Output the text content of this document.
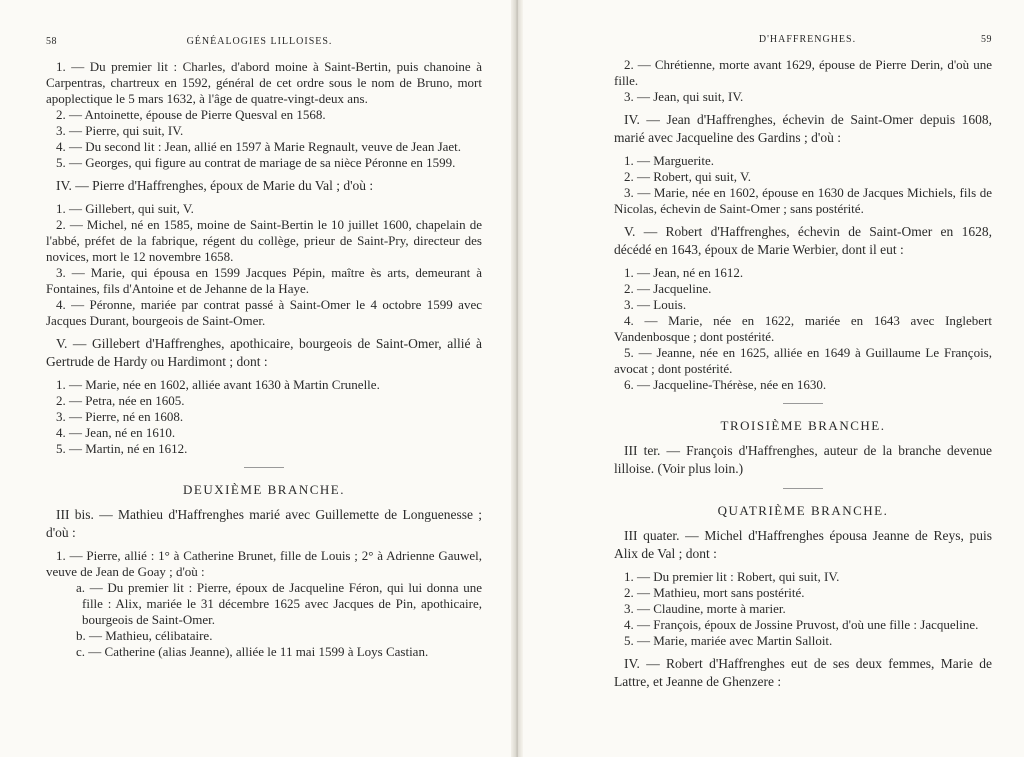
58	GÉNÉALOGIES LILLOISES.

1. — Du premier lit : Charles, d'abord moine à Saint-Bertin, puis chanoine à Carpentras, chartreux en 1592, général de cet ordre sous le nom de Bruno, mort apoplectique le 5 mars 1632, à l'âge de quatre-vingt-deux ans.

2. — Antoinette, épouse de Pierre Quesval en 1568.

3. — Pierre, qui suit, IV.

4. — Du second lit : Jean, allié en 1597 à Marie Regnault, veuve de Jean Jaet.

5. — Georges, qui figure au contrat de mariage de sa nièce Péronne en 1599.

IV. — Pierre d'Haffrenghes, époux de Marie du Val ; d'où :

1. — Gillebert, qui suit, V.

2. — Michel, né en 1585, moine de Saint-Bertin le 10 juillet 1600, chapelain de l'abbé, préfet de la fabrique, régent du collège, prieur de Saint-Pry, directeur des novices, mort le 12 novembre 1658.

3. — Marie, qui épousa en 1599 Jacques Pépin, maître ès arts, demeurant à Fontaines, fils d'Antoine et de Jehanne de la Haye.

4. — Péronne, mariée par contrat passé à Saint-Omer le 4 octobre 1599 avec Jacques Durant, bourgeois de Saint-Omer.

V. — Gillebert d'Haffrenghes, apothicaire, bourgeois de Saint-Omer, allié à Gertrude de Hardy ou Hardimont ; dont :

1. — Marie, née en 1602, alliée avant 1630 à Martin Crunelle.

2. — Petra, née en 1605.

3. — Pierre, né en 1608.

4. — Jean, né en 1610.

5. — Martin, né en 1612.

DEUXIÈME BRANCHE.

III bis. — Mathieu d'Haffrenghes marié avec Guillemette de Longuenesse ; d'où :

1. — Pierre, allié : 1° à Catherine Brunet, fille de Louis ; 2° à Adrienne Gauwel, veuve de Jean de Goay ; d'où :

a. — Du premier lit : Pierre, époux de Jacqueline Féron, qui lui donna une fille : Alix, mariée le 31 décembre 1625 avec Jacques de Pin, apothicaire, bourgeois de Saint-Omer.

b. — Mathieu, célibataire.

c. — Catherine (alias Jeanne), alliée le 11 mai 1599 à Loys Castian.

D'HAFFRENGHES.	59

2. — Chrétienne, morte avant 1629, épouse de Pierre Derin, d'où une fille.

3. — Jean, qui suit, IV.

IV. — Jean d'Haffrenghes, échevin de Saint-Omer depuis 1608, marié avec Jacqueline des Gardins ; d'où :

1. — Marguerite.

2. — Robert, qui suit, V.

3. — Marie, née en 1602, épouse en 1630 de Jacques Michiels, fils de Nicolas, échevin de Saint-Omer ; sans postérité.

V. — Robert d'Haffrenghes, échevin de Saint-Omer en 1628, décédé en 1643, époux de Marie Werbier, dont il eut :

1. — Jean, né en 1612.

2. — Jacqueline.

3. — Louis.

4. — Marie, née en 1622, mariée en 1643 avec Inglebert Vandenbosque ; dont postérité.

5. — Jeanne, née en 1625, alliée en 1649 à Guillaume Le François, avocat ; dont postérité.

6. — Jacqueline-Thérèse, née en 1630.

TROISIÈME BRANCHE.

III ter. — François d'Haffrenghes, auteur de la branche devenue lilloise. (Voir plus loin.)

QUATRIÈME BRANCHE.

III quater. — Michel d'Haffrenghes épousa Jeanne de Reys, puis Alix de Val ; dont :

1. — Du premier lit : Robert, qui suit, IV.

2. — Mathieu, mort sans postérité.

3. — Claudine, morte à marier.

4. — François, époux de Jossine Pruvost, d'où une fille : Jacqueline.

5. — Marie, mariée avec Martin Salloit.

IV. — Robert d'Haffrenghes eut de ses deux femmes, Marie de Lattre, et Jeanne de Ghenzere :
